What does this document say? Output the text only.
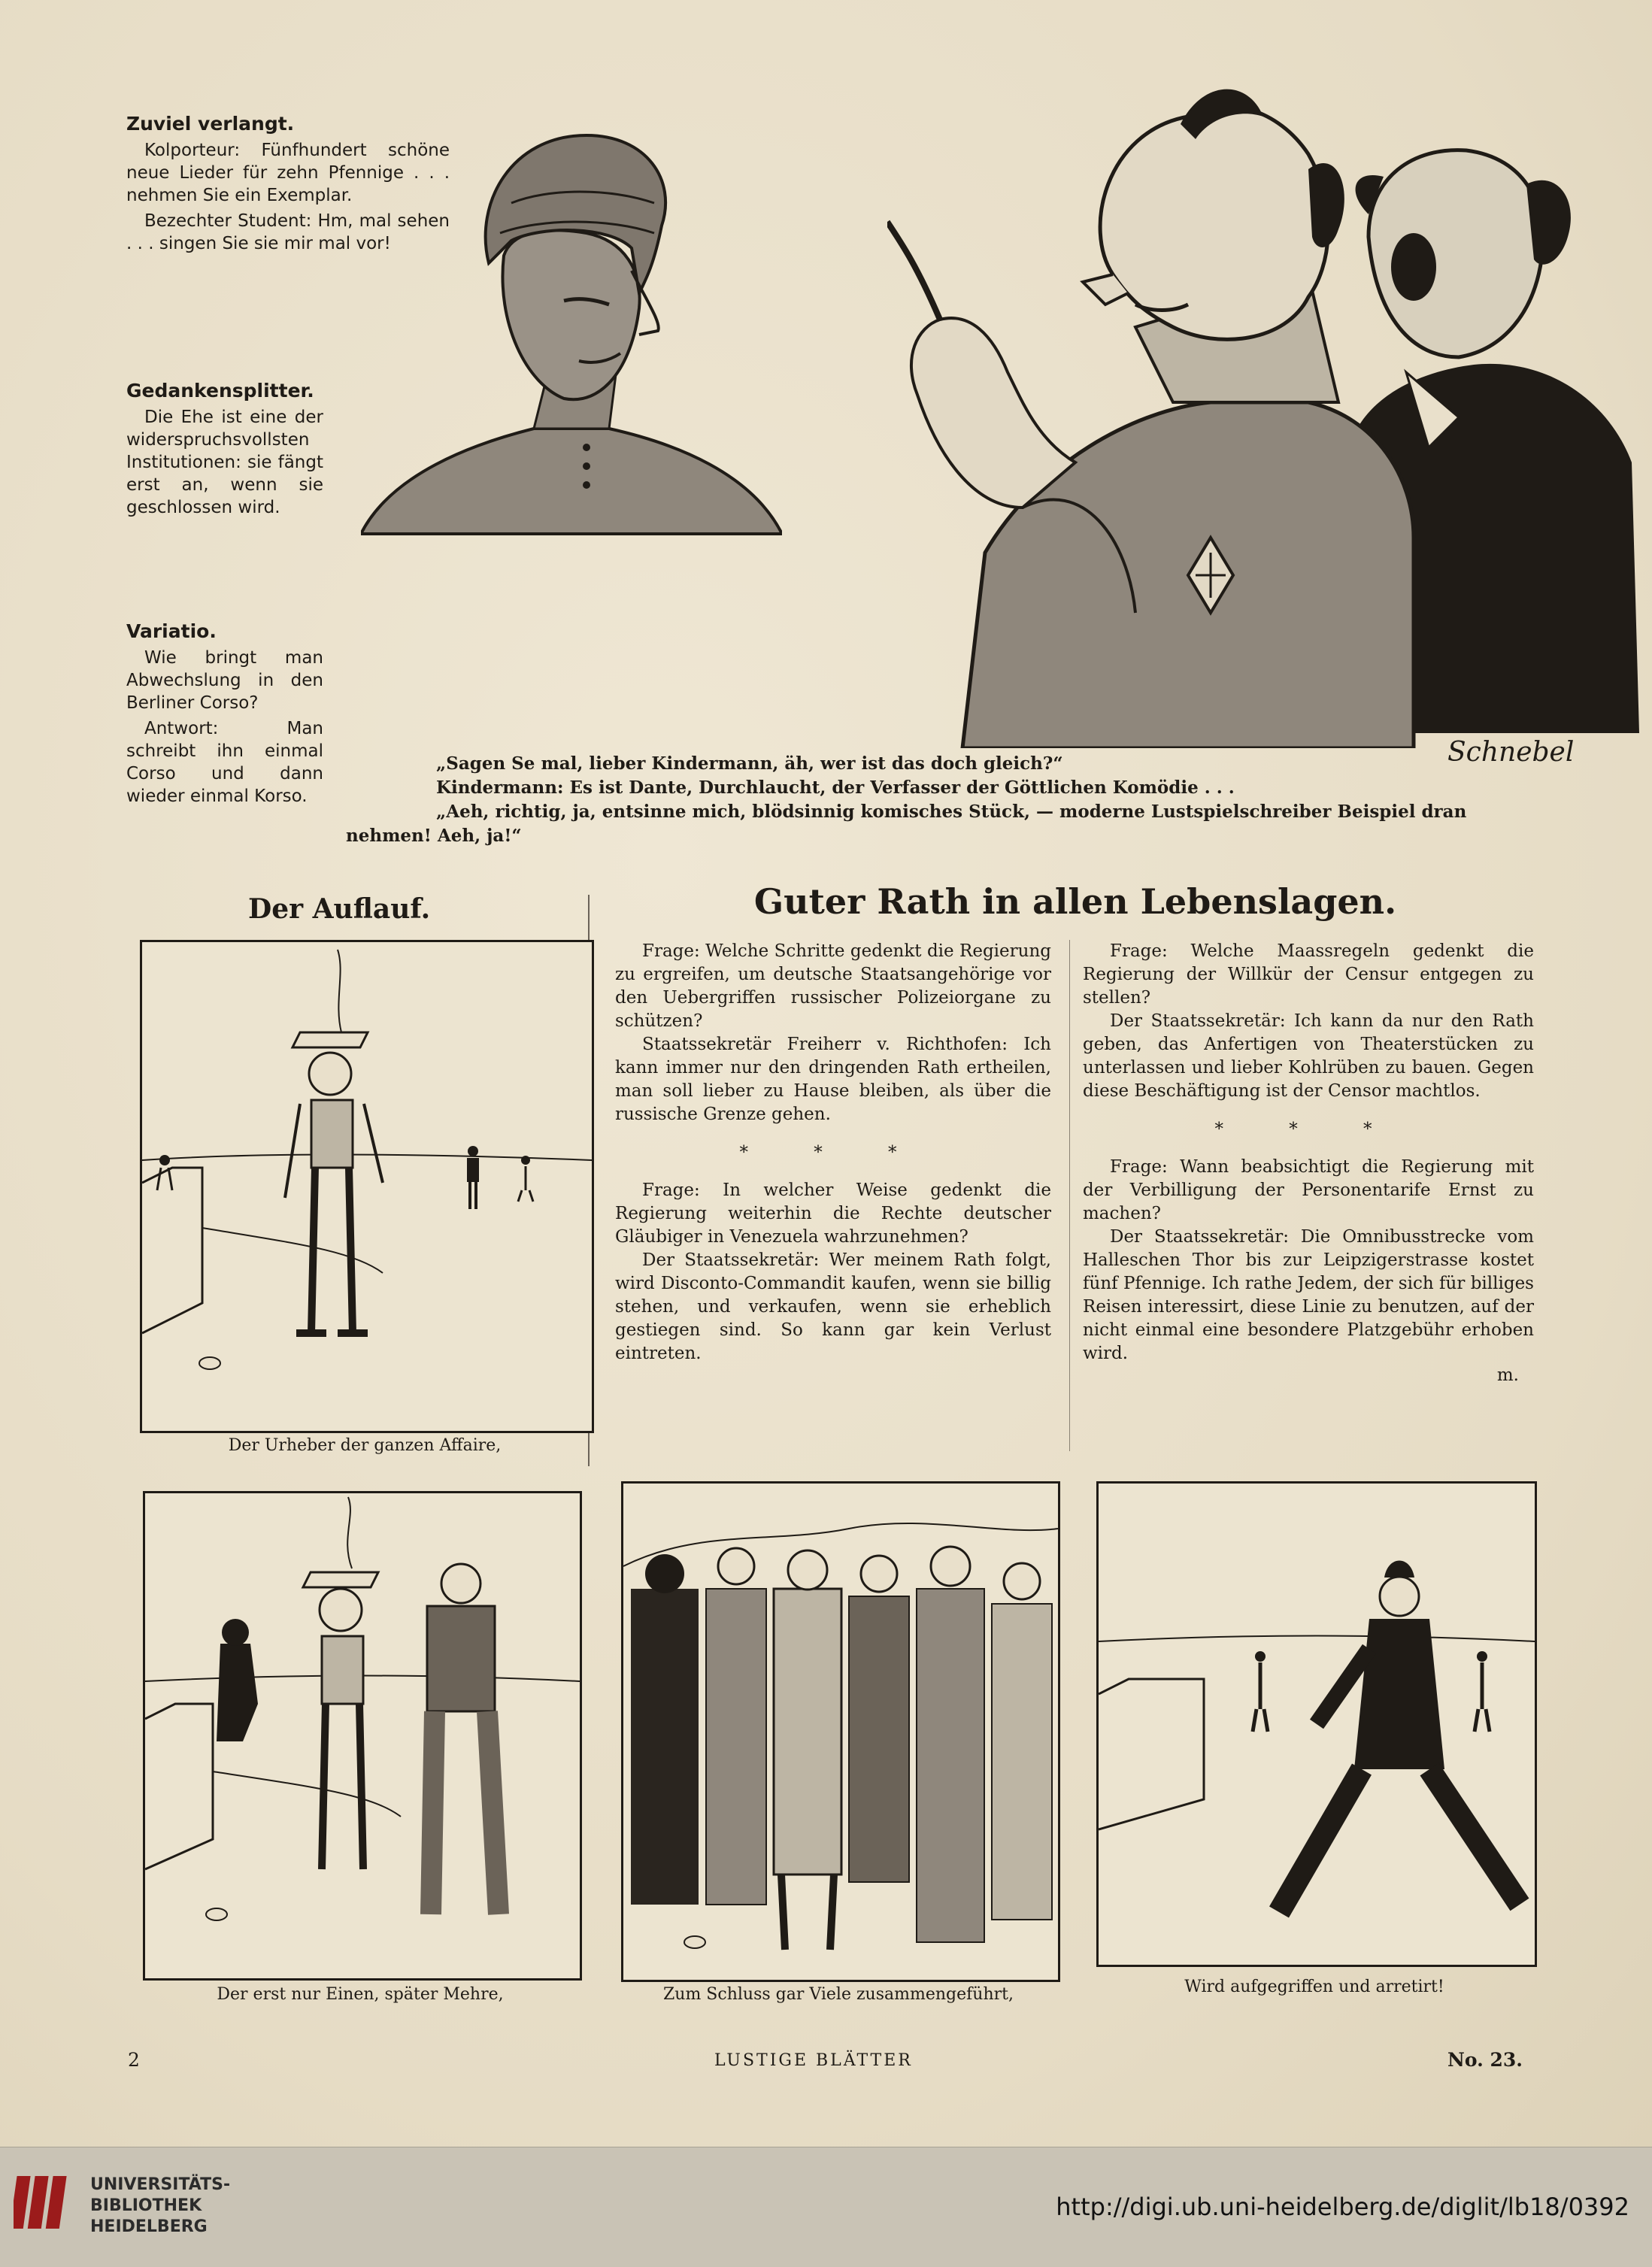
Zuviel verlangt.

Kolporteur: Fünfhundert schöne neue Lieder für zehn Pfennige . . . nehmen Sie ein Exemplar.

Bezechter Student: Hm, mal sehen . . . singen Sie sie mir mal vor!

Gedankensplitter.

Die Ehe ist eine der widerspruchsvollsten Institutionen: sie fängt erst an, wenn sie geschlossen wird.

Variatio.

Wie bringt man Abwechslung in den Berliner Corso?

Antwort: Man schreibt ihn einmal Corso und dann wieder einmal Korso.

Schnebel
„Sagen Se mal, lieber Kindermann, äh, wer ist das doch gleich?“
Kindermann: Es ist Dante, Durchlaucht, der Verfasser der Göttlichen Komödie . . .
„Aeh, richtig, ja, entsinne mich, blödsinnig komisches Stück, — moderne Lustspielschreiber Beispiel dran
nehmen! Aeh, ja!“
Der Auflauf.
Der Urheber der ganzen Affaire,
Guter Rath in allen Lebenslagen.

Frage: Welche Schritte gedenkt die Regierung zu ergreifen, um deutsche Staatsangehörige vor den Uebergriffen russischer Polizeiorgane zu schützen?

Staatssekretär Freiherr v. Richthofen: Ich kann immer nur den dringenden Rath ertheilen, man soll lieber zu Hause bleiben, als über die russische Grenze gehen.

* * *

Frage: In welcher Weise gedenkt die Regierung weiterhin die Rechte deutscher Gläubiger in Venezuela wahrzunehmen?

Der Staatssekretär: Wer meinem Rath folgt, wird Disconto-Commandit kaufen, wenn sie billig stehen, und verkaufen, wenn sie erheblich gestiegen sind. So kann gar kein Verlust eintreten.

Frage: Welche Maassregeln gedenkt die Regierung der Willkür der Censur entgegen zu stellen?

Der Staatssekretär: Ich kann da nur den Rath geben, das Anfertigen von Theaterstücken zu unterlassen und lieber Kohlrüben zu bauen. Gegen diese Beschäftigung ist der Censor machtlos.

* * *

Frage: Wann beabsichtigt die Regierung mit der Verbilligung der Personentarife Ernst zu machen?

Der Staatssekretär: Die Omnibusstrecke vom Halleschen Thor bis zur Leipzigerstrasse kostet fünf Pfennige. Ich rathe Jedem, der sich für billiges Reisen interessirt, diese Linie zu benutzen, auf der nicht einmal eine besondere Platzgebühr erhoben wird.

m.
Der erst nur Einen, später Mehre,	Zum Schluss gar Viele zusammengeführt,	Wird aufgegriffen und arretirt!
2	LUSTIGE BLÄTTER	No. 23.
UNIVERSITÄTS-
BIBLIOTHEK
HEIDELBERG
http://digi.ub.uni-heidelberg.de/diglit/lb18/0392
